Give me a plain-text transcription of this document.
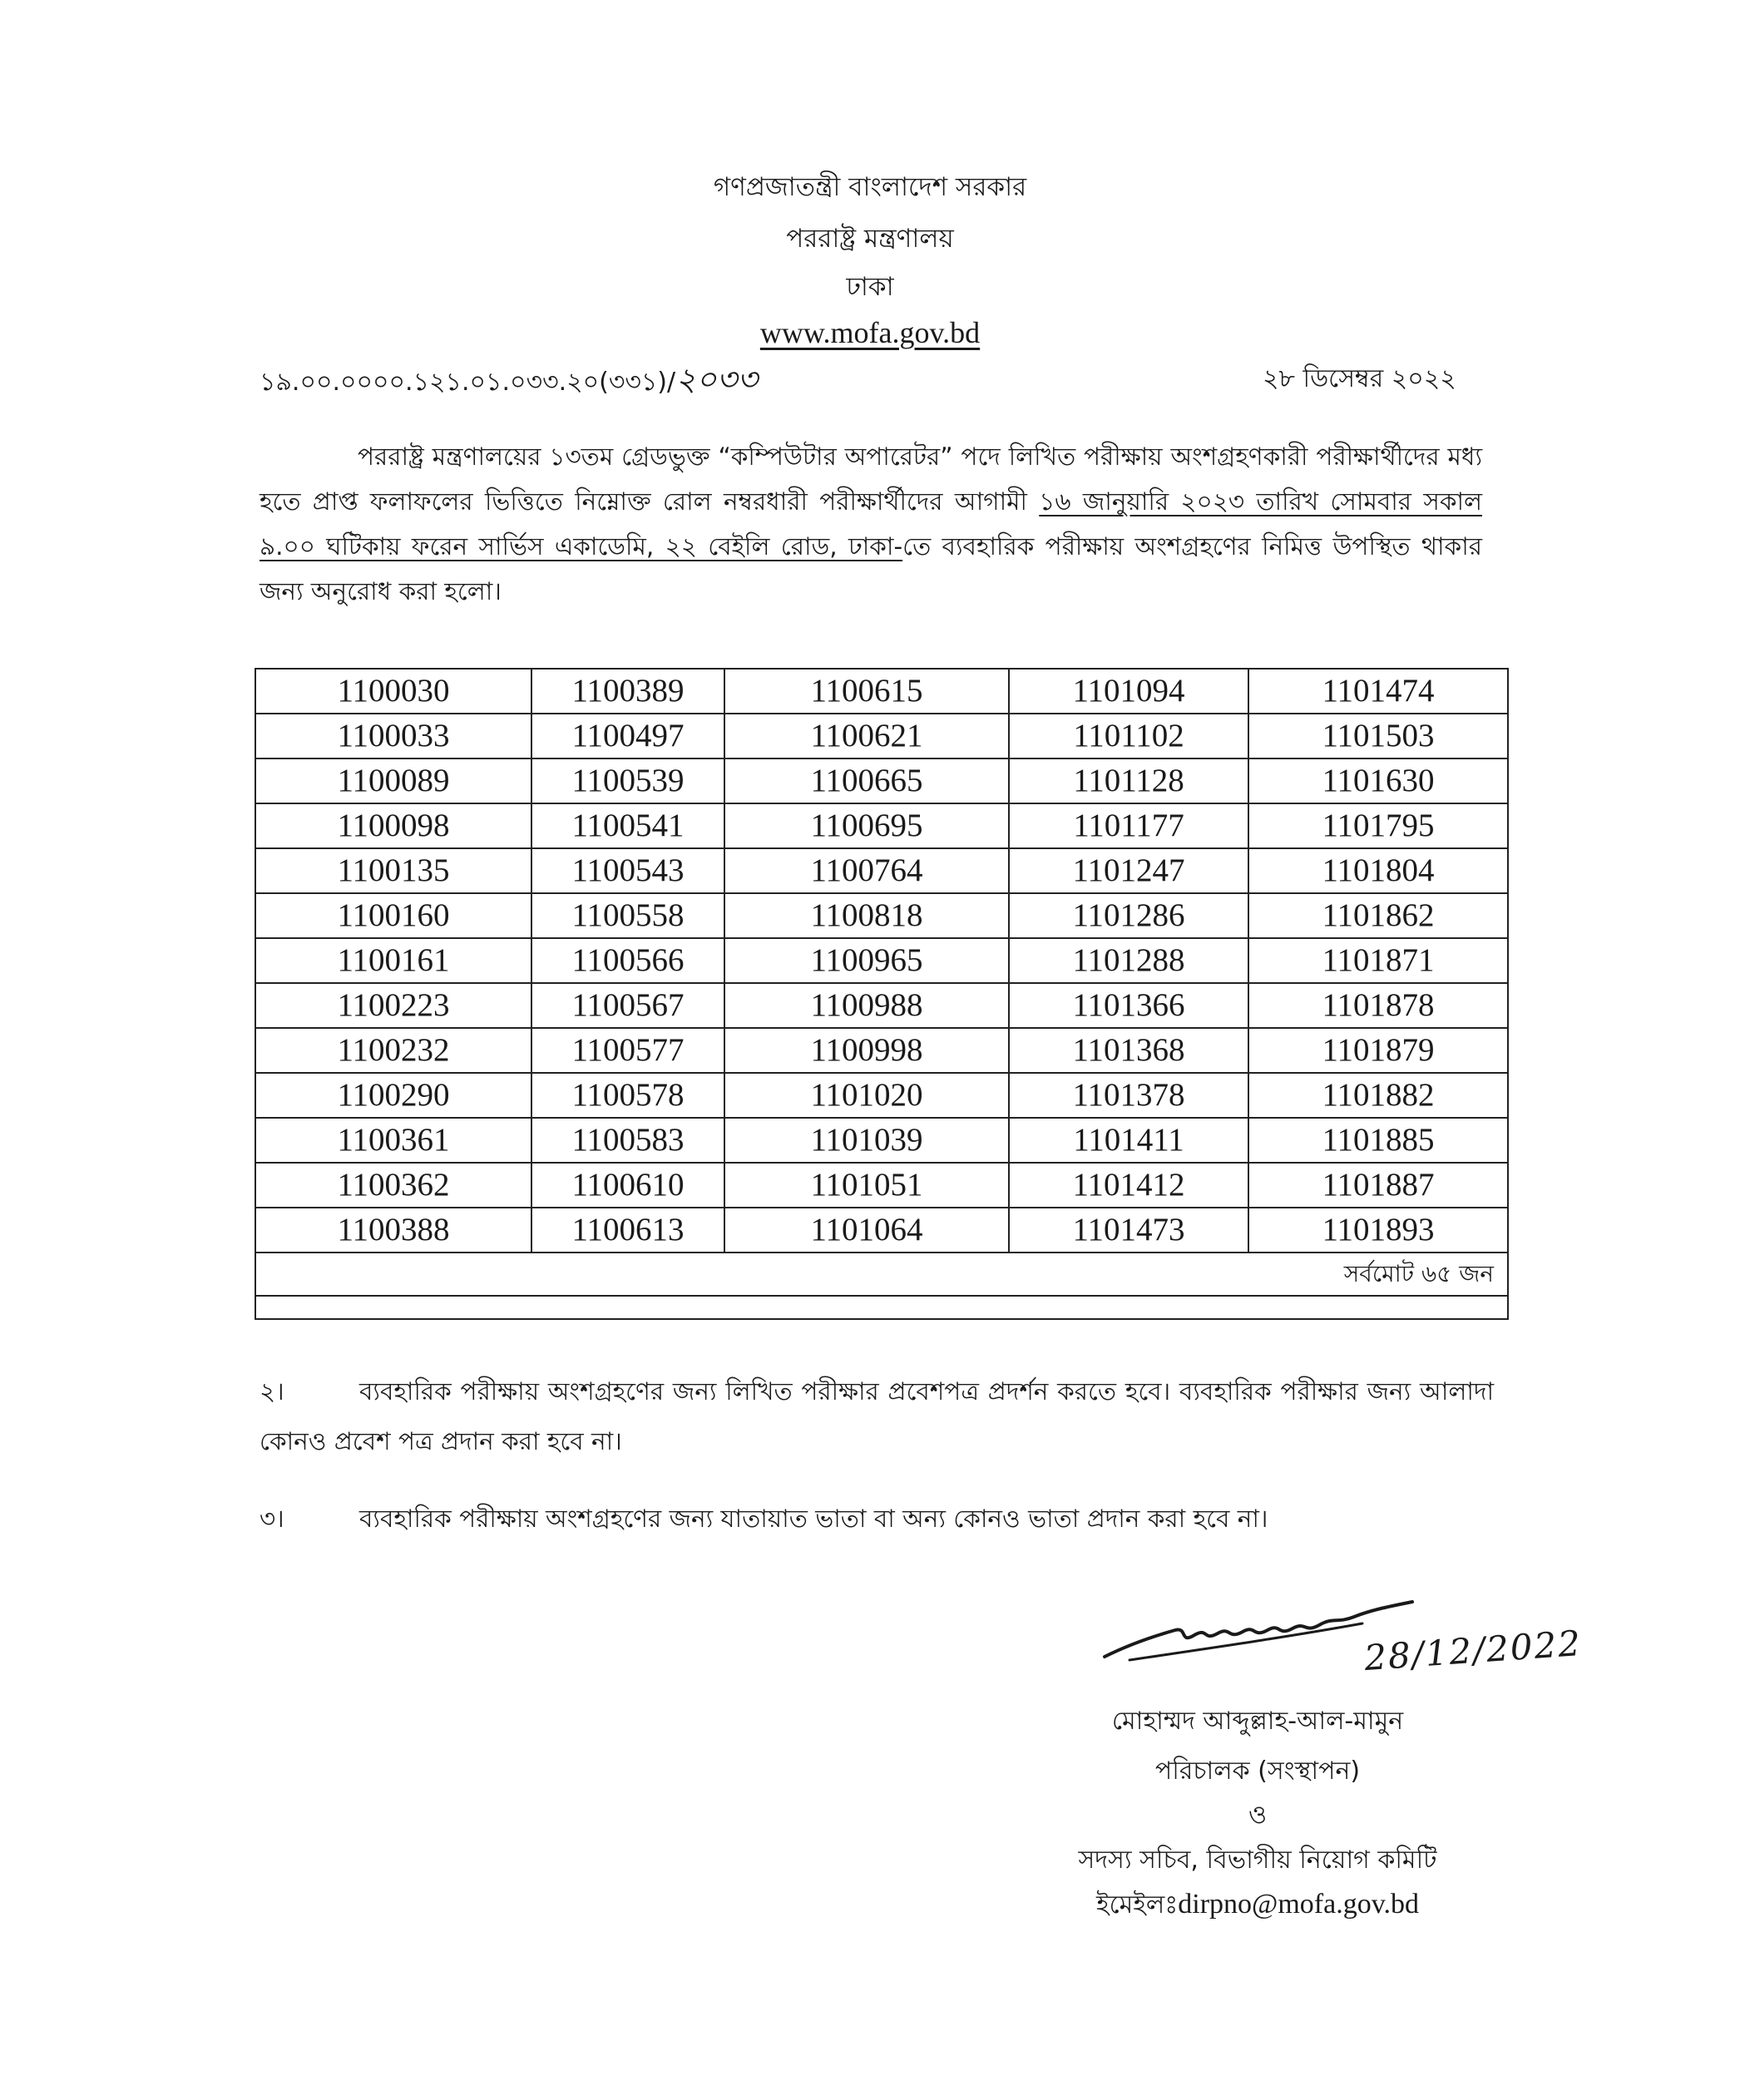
গণপ্রজাতন্ত্রী বাংলাদেশ সরকার
পররাষ্ট্র মন্ত্রণালয়
ঢাকা
www.mofa.gov.bd
১৯.০০.০০০০.১২১.০১.০৩৩.২০(৩৩১)/২০৩৩	২৮ ডিসেম্বর ২০২২
পররাষ্ট্র মন্ত্রণালয়ের ১৩তম গ্রেডভুক্ত “কম্পিউটার অপারেটর” পদে লিখিত পরীক্ষায় অংশগ্রহণকারী পরীক্ষার্থীদের মধ্য হতে প্রাপ্ত ফলাফলের ভিত্তিতে নিম্নোক্ত রোল নম্বরধারী পরীক্ষার্থীদের আগামী ১৬ জানুয়ারি ২০২৩ তারিখ সোমবার সকাল ৯.০০ ঘটিকায় ফরেন সার্ভিস একাডেমি, ২২ বেইলি রোড, ঢাকা-তে ব্যবহারিক পরীক্ষায় অংশগ্রহণের নিমিত্ত উপস্থিত থাকার জন্য অনুরোধ করা হলো।
1100030	1100389	1100615	1101094	1101474
1100033	1100497	1100621	1101102	1101503
1100089	1100539	1100665	1101128	1101630
1100098	1100541	1100695	1101177	1101795
1100135	1100543	1100764	1101247	1101804
1100160	1100558	1100818	1101286	1101862
1100161	1100566	1100965	1101288	1101871
1100223	1100567	1100988	1101366	1101878
1100232	1100577	1100998	1101368	1101879
1100290	1100578	1101020	1101378	1101882
1100361	1100583	1101039	1101411	1101885
1100362	1100610	1101051	1101412	1101887
1100388	1100613	1101064	1101473	1101893
সর্বমোট ৬৫ জন				

২।	ব্যবহারিক পরীক্ষায় অংশগ্রহণের জন্য লিখিত পরীক্ষার প্রবেশপত্র প্রদর্শন করতে হবে। ব্যবহারিক পরীক্ষার জন্য আলাদা কোনও প্রবেশ পত্র প্রদান করা হবে না।
৩।	ব্যবহারিক পরীক্ষায় অংশগ্রহণের জন্য যাতায়াত ভাতা বা অন্য কোনও ভাতা প্রদান করা হবে না।
28/12/2022
মোহাম্মদ আব্দুল্লাহ-আল-মামুন
পরিচালক (সংস্থাপন)
ও
সদস্য সচিব, বিভাগীয় নিয়োগ কমিটি
ইমেইলঃdirpno@mofa.gov.bd
